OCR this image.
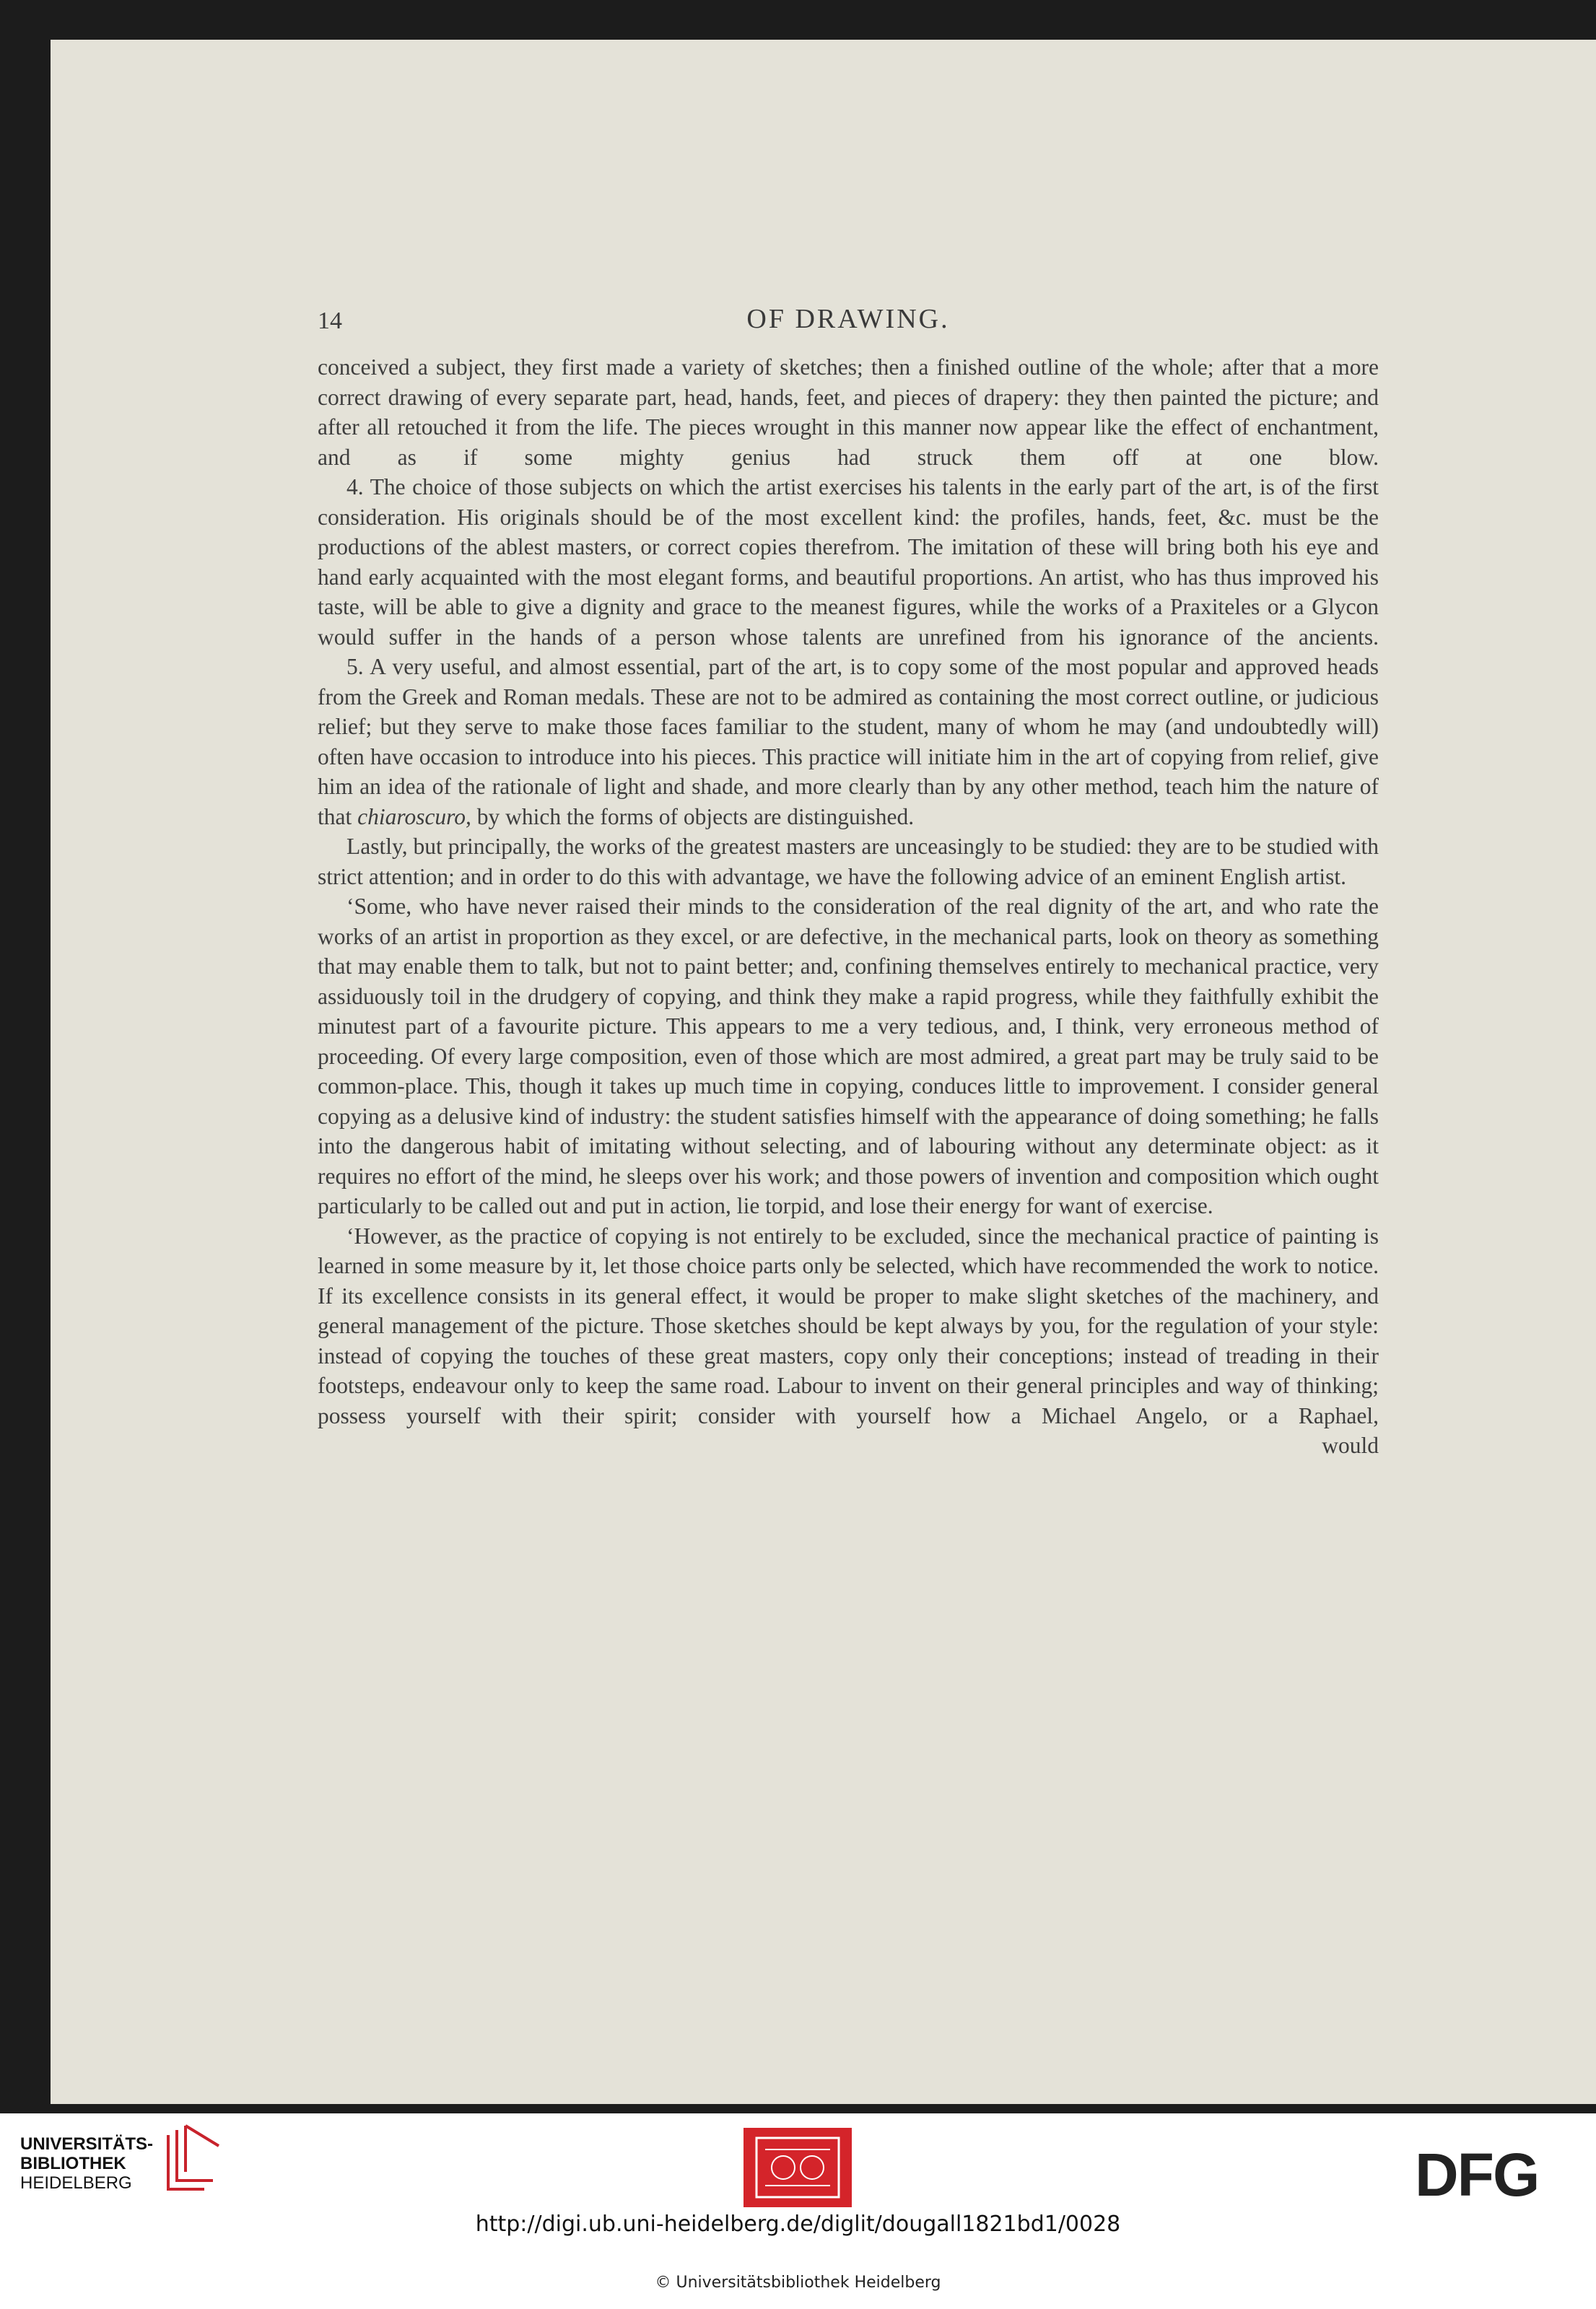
14	OF DRAWING.

conceived a subject, they first made a variety of sketches; then a finished outline of the whole; after that a more correct drawing of every separate part, head, hands, feet, and pieces of drapery: they then painted the picture; and after all retouched it from the life. The pieces wrought in this manner now appear like the effect of enchantment, and as if some mighty genius had struck them off at one blow.

4. The choice of those subjects on which the artist exercises his talents in the early part of the art, is of the first consideration. His originals should be of the most excellent kind: the profiles, hands, feet, &c. must be the productions of the ablest masters, or correct copies therefrom. The imitation of these will bring both his eye and hand early acquainted with the most elegant forms, and beautiful proportions. An artist, who has thus improved his taste, will be able to give a dignity and grace to the meanest figures, while the works of a Praxiteles or a Glycon would suffer in the hands of a person whose talents are unrefined from his ignorance of the ancients.

5. A very useful, and almost essential, part of the art, is to copy some of the most popular and approved heads from the Greek and Roman medals. These are not to be admired as containing the most correct outline, or judicious relief; but they serve to make those faces familiar to the student, many of whom he may (and undoubtedly will) often have occasion to introduce into his pieces. This practice will initiate him in the art of copying from relief, give him an idea of the rationale of light and shade, and more clearly than by any other method, teach him the nature of that chiaroscuro, by which the forms of objects are distinguished.

Lastly, but principally, the works of the greatest masters are unceasingly to be studied: they are to be studied with strict attention; and in order to do this with advantage, we have the following advice of an eminent English artist.

‘Some, who have never raised their minds to the consideration of the real dignity of the art, and who rate the works of an artist in proportion as they excel, or are defective, in the mechanical parts, look on theory as something that may enable them to talk, but not to paint better; and, confining themselves entirely to mechanical practice, very assiduously toil in the drudgery of copying, and think they make a rapid progress, while they faithfully exhibit the minutest part of a favourite picture. This appears to me a very tedious, and, I think, very erroneous method of proceeding. Of every large composition, even of those which are most admired, a great part may be truly said to be common-place. This, though it takes up much time in copying, conduces little to improvement. I consider general copying as a delusive kind of industry: the student satisfies himself with the appearance of doing something; he falls into the dangerous habit of imitating without selecting, and of labouring without any determinate object: as it requires no effort of the mind, he sleeps over his work; and those powers of invention and composition which ought particularly to be called out and put in action, lie torpid, and lose their energy for want of exercise.

‘However, as the practice of copying is not entirely to be excluded, since the mechanical practice of painting is learned in some measure by it, let those choice parts only be selected, which have recommended the work to notice. If its excellence consists in its general effect, it would be proper to make slight sketches of the machinery, and general management of the picture. Those sketches should be kept always by you, for the regulation of your style: instead of copying the touches of these great masters, copy only their conceptions; instead of treading in their footsteps, endeavour only to keep the same road. Labour to invent on their general principles and way of thinking; possess yourself with their spirit; consider with yourself how a Michael Angelo, or a Raphael,

would

UNIVERSITÄTS-
BIBLIOTHEK
HEIDELBERG	DFG
http://digi.ub.uni-heidelberg.de/diglit/dougall1821bd1/0028
© Universitätsbibliothek Heidelberg
